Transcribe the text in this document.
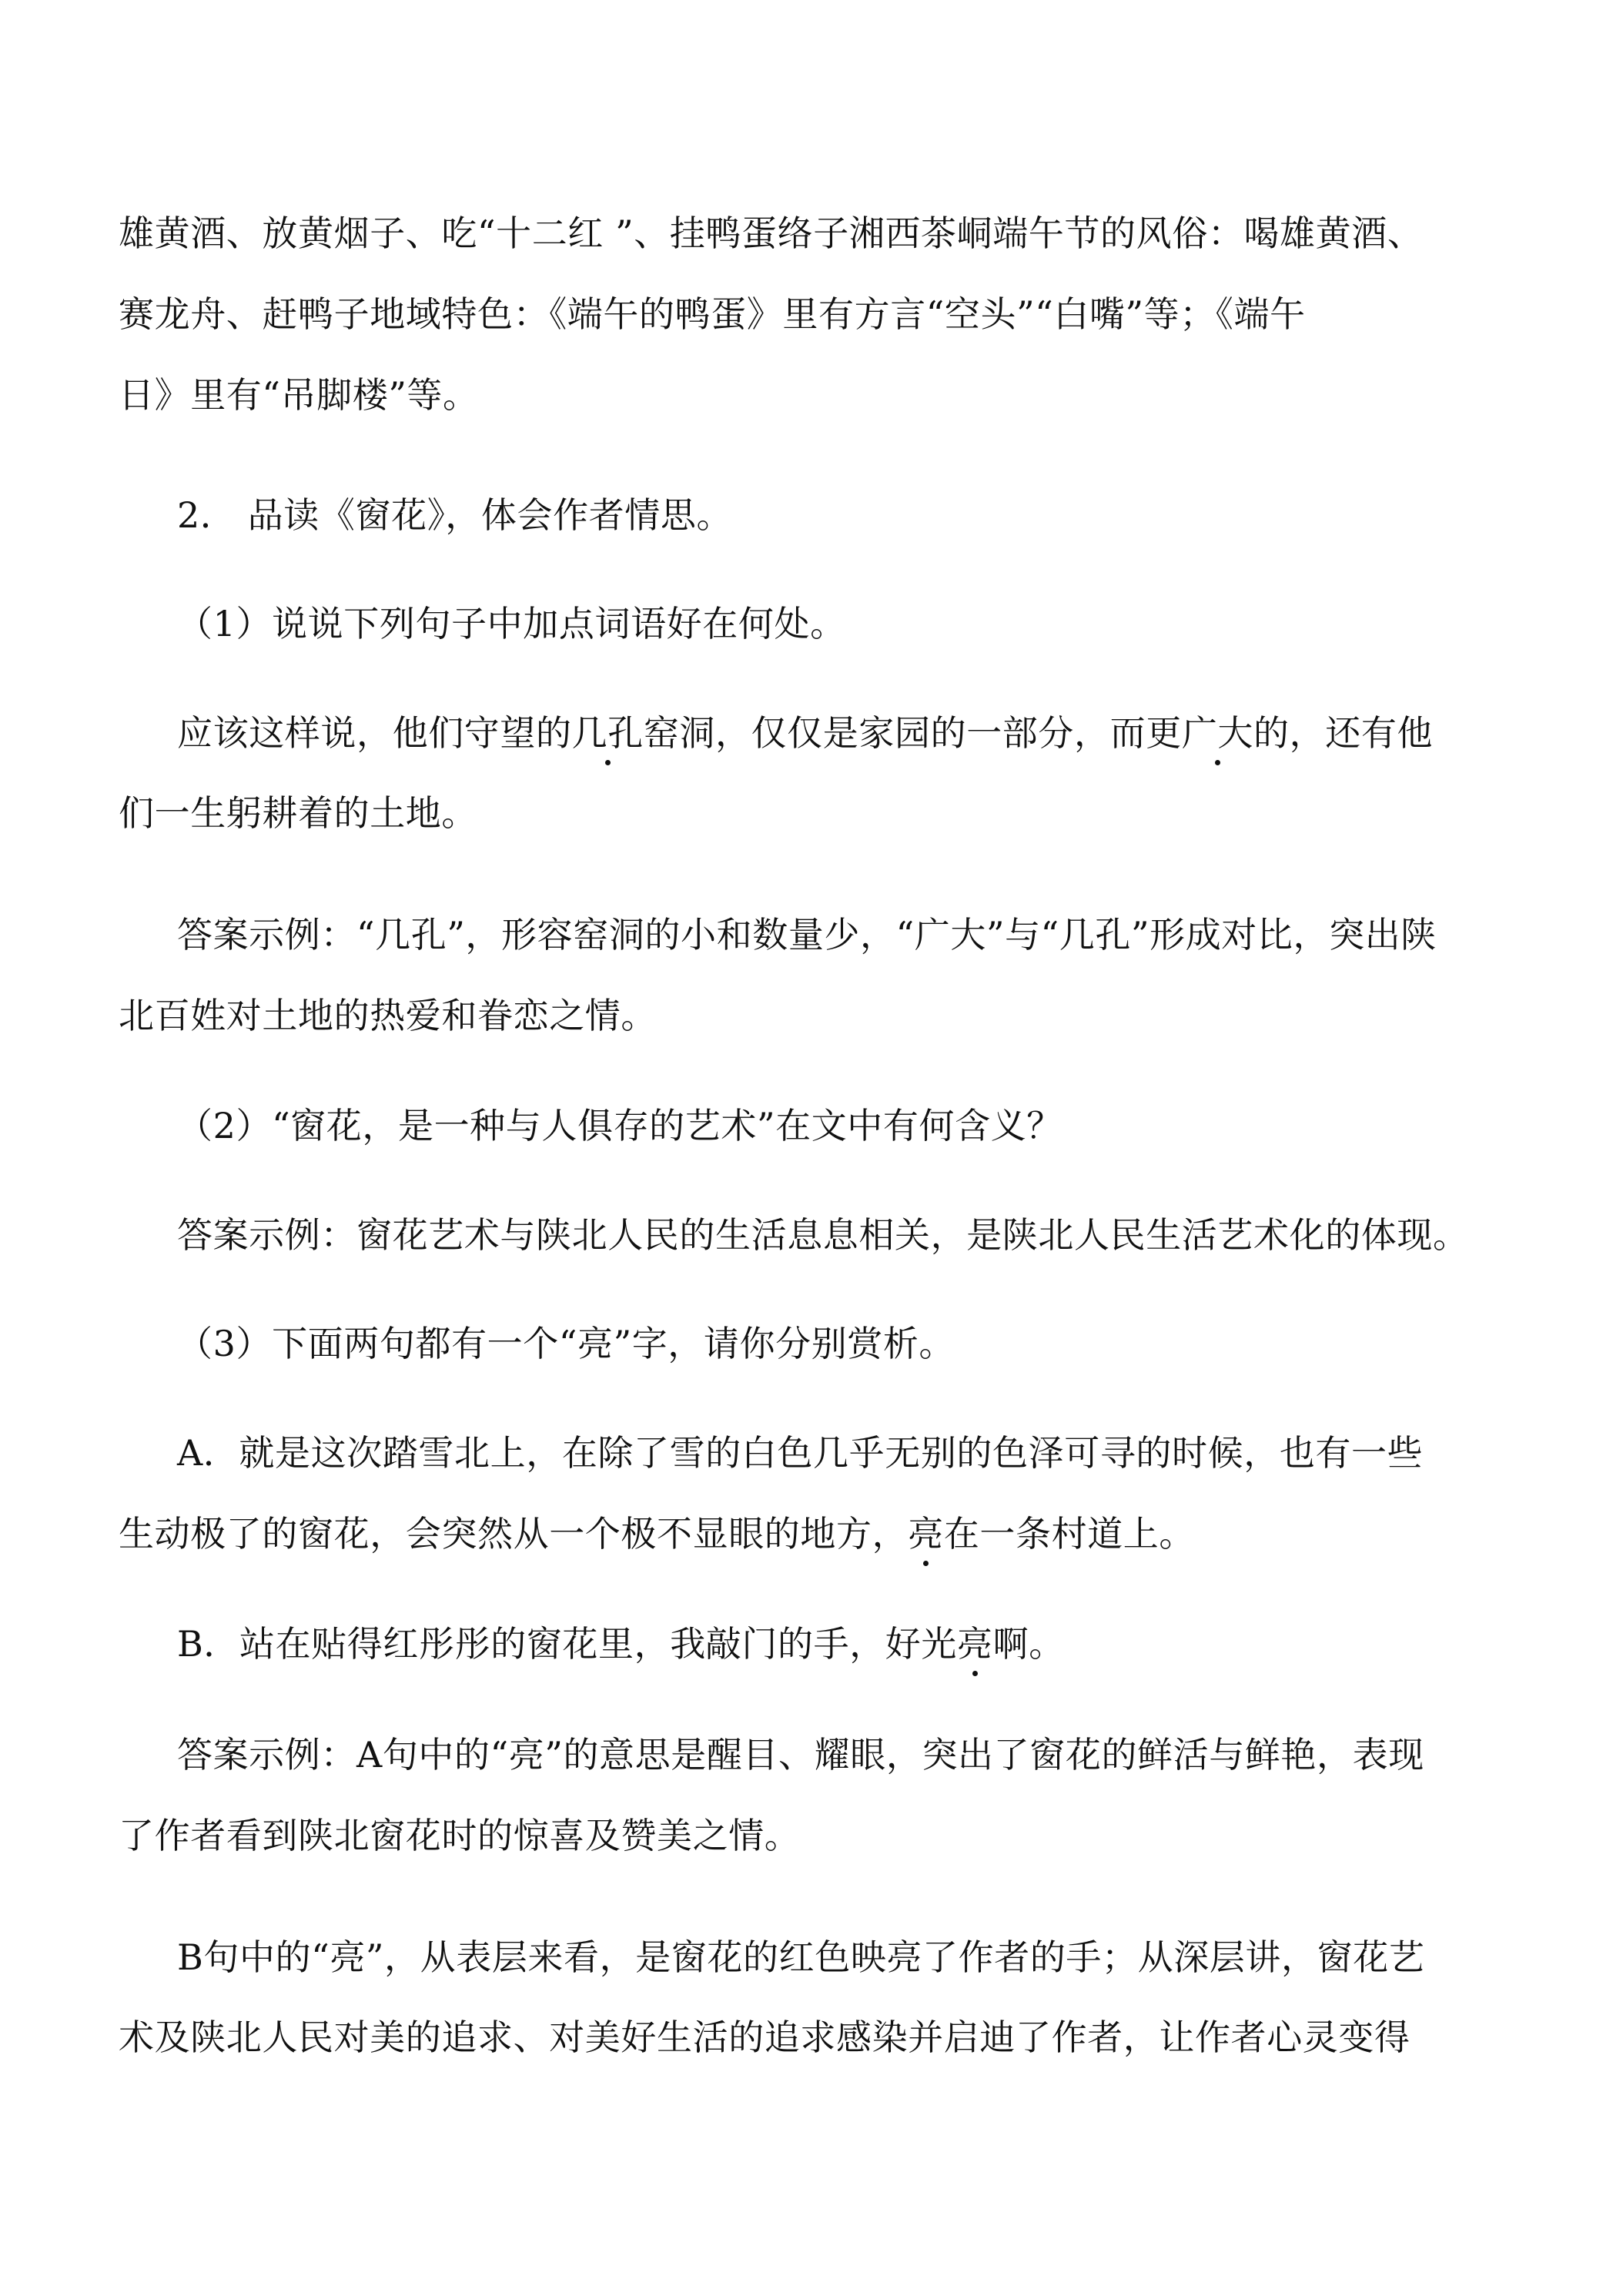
雄黄酒、放黄烟子、吃“十二红 ”、挂鸭蛋络子湘西茶峒端午节的风俗：喝雄黄酒、
赛龙舟、赶鸭子地域特色：《端午的鸭蛋》里有方言“空头”“白嘴”等；《端午
日》里有“吊脚楼”等。
2． 品读《窗花》，体会作者情思。
（1）说说下列句子中加点词语好在何处。
应该这样说，他们守望的几孔窑洞，仅仅是家园的一部分，而更广大的，还有他
们一生躬耕着的土地。
答案示例：“几孔”，形容窑洞的小和数量少，“广大”与“几孔”形成对比，突出陕
北百姓对土地的热爱和眷恋之情。
（2）“窗花，是一种与人俱存的艺术”在文中有何含义？
答案示例：窗花艺术与陕北人民的生活息息相关，是陕北人民生活艺术化的体现。
（3）下面两句都有一个“亮”字，请你分别赏析。
A．就是这次踏雪北上，在除了雪的白色几乎无别的色泽可寻的时候，也有一些
生动极了的窗花，会突然从一个极不显眼的地方，亮在一条村道上。
B．站在贴得红彤彤的窗花里，我敲门的手，好光亮啊。
答案示例：A句中的“亮”的意思是醒目、耀眼，突出了窗花的鲜活与鲜艳，表现
了作者看到陕北窗花时的惊喜及赞美之情。
B句中的“亮”，从表层来看，是窗花的红色映亮了作者的手；从深层讲，窗花艺
术及陕北人民对美的追求、对美好生活的追求感染并启迪了作者，让作者心灵变得
